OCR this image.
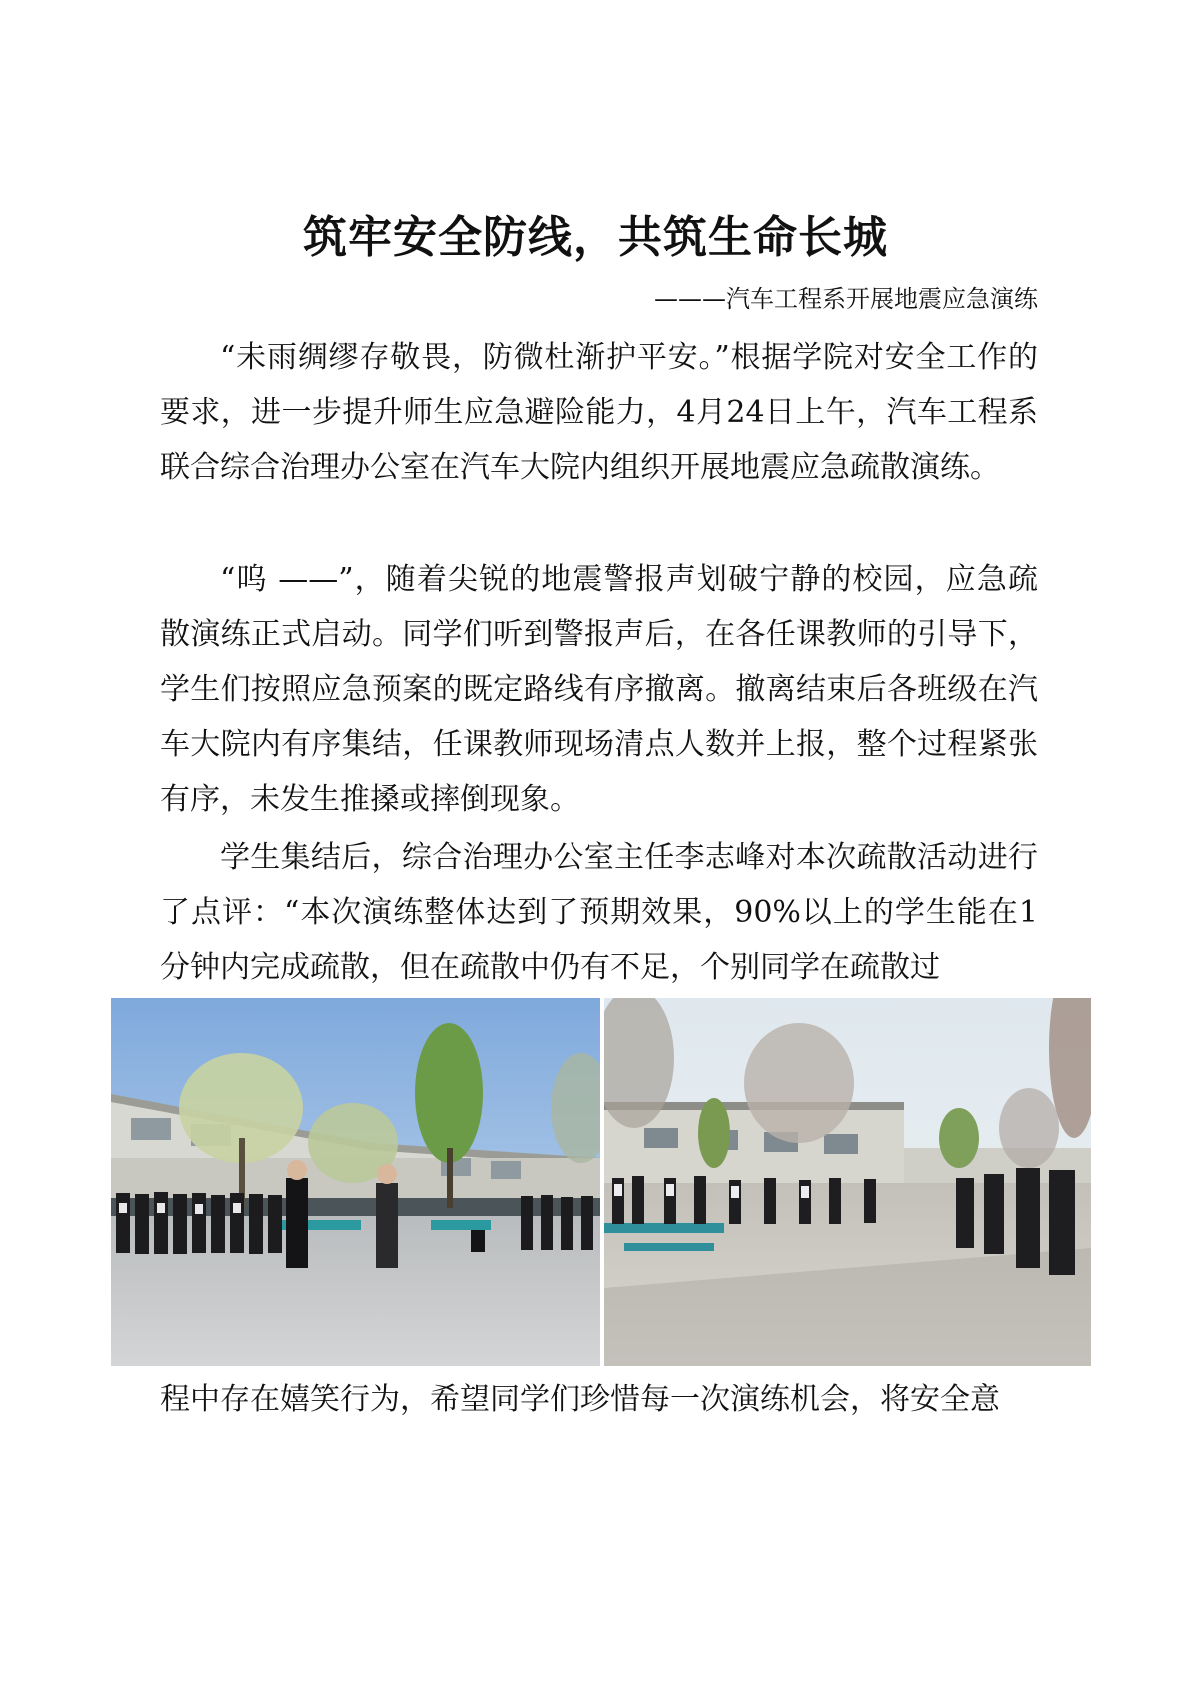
筑牢安全防线，共筑生命长城
———汽车工程系开展地震应急演练

“未雨绸缪存敬畏，防微杜渐护平安。”根据学院对安全工作的要求，进一步提升师生应急避险能力，4月24日上午，汽车工程系联合综合治理办公室在汽车大院内组织开展地震应急疏散演练。

“呜 ——”，随着尖锐的地震警报声划破宁静的校园，应急疏散演练正式启动。同学们听到警报声后，在各任课教师的引导下，学生们按照应急预案的既定路线有序撤离。撤离结束后各班级在汽车大院内有序集结，任课教师现场清点人数并上报，整个过程紧张有序，未发生推搡或摔倒现象。

学生集结后，综合治理办公室主任李志峰对本次疏散活动进行了点评：“本次演练整体达到了预期效果，90%以上的学生能在1分钟内完成疏散，但在疏散中仍有不足，个别同学在疏散过

程中存在嬉笑行为，希望同学们珍惜每一次演练机会，将安全意
